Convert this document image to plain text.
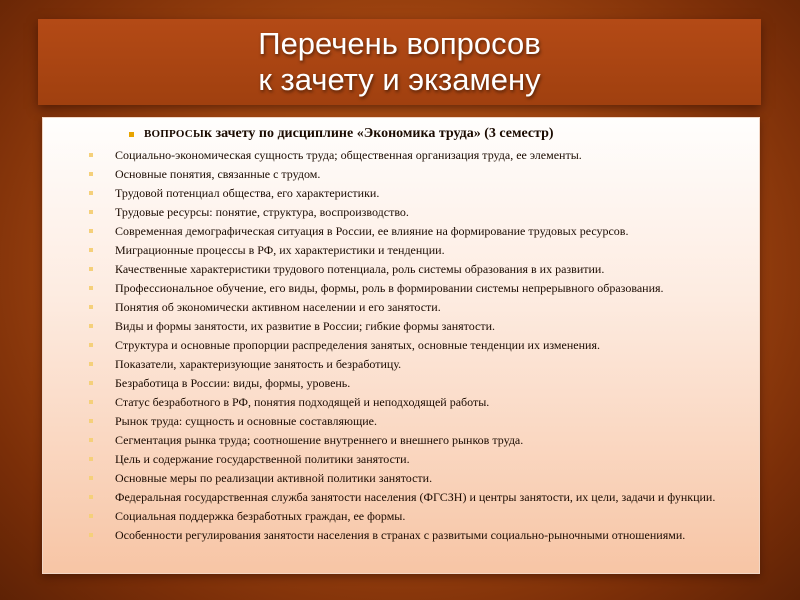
Перечень вопросов
к зачету и экзамену
ВОПРОСЫ к зачету по дисциплине «Экономика труда» (3 семестр)
Социально-экономическая сущность труда; общественная организация труда, ее элементы.
Основные понятия, связанные с трудом.
Трудовой потенциал общества, его характеристики.
Трудовые ресурсы: понятие, структура, воспроизводство.
Современная демографическая ситуация в России, ее влияние на формирование трудовых ресурсов.
Миграционные процессы в РФ, их характеристики и тенденции.
Качественные характеристики трудового потенциала, роль системы образования в их развитии.
Профессиональное обучение, его виды, формы, роль в формировании системы непрерывного образования.
Понятия об экономически активном населении и его занятости.
Виды и формы занятости, их развитие в России; гибкие формы занятости.
Структура и основные пропорции распределения занятых, основные тенденции их изменения.
Показатели, характеризующие занятость и безработицу.
Безработица в России: виды, формы, уровень.
Статус безработного в РФ, понятия подходящей и неподходящей работы.
Рынок труда: сущность и основные составляющие.
Сегментация рынка труда; соотношение внутреннего и внешнего рынков труда.
Цель и содержание государственной политики занятости.
Основные меры по реализации активной политики занятости.
Федеральная государственная служба занятости населения (ФГСЗН) и центры занятости, их цели, задачи и функции.
Социальная поддержка безработных граждан, ее формы.
Особенности регулирования занятости населения в странах с развитыми социально-рыночными отношениями.
